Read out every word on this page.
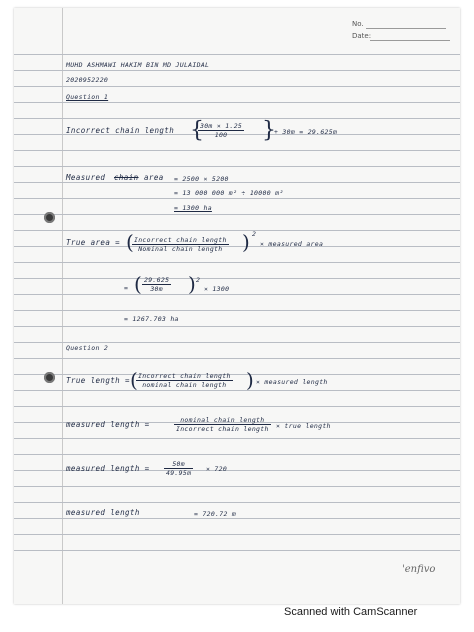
No.
Date:
MUHD ASHMAWI HAKIM BIN MD JULAIDAL
2020952220
Question 1
Incorrect chain length {
$\frac{30m \times 1.25}{100}$ }
+ 30m = 29.625m
Measured chain area = 2500 × 5200
= 13 000 000 m² ÷ 10000 m²
= 1300 ha
True area = ( Incorrect chain length
Nominal chain length ) 2
× measured area
= ( $\frac{29.625}{30m}$ ) 2
× 1300
= 1267.703 ha
Question 2
True length = ( Incorrect chain length
nominal chain length ) × measured length
measured length =	nominal chain length
Incorrect chain length	× true length
measured length = $\frac{50m}{49.95m} \times 720$
measured length	= 720.72 m
'enfivo
Scanned with CamScanner
